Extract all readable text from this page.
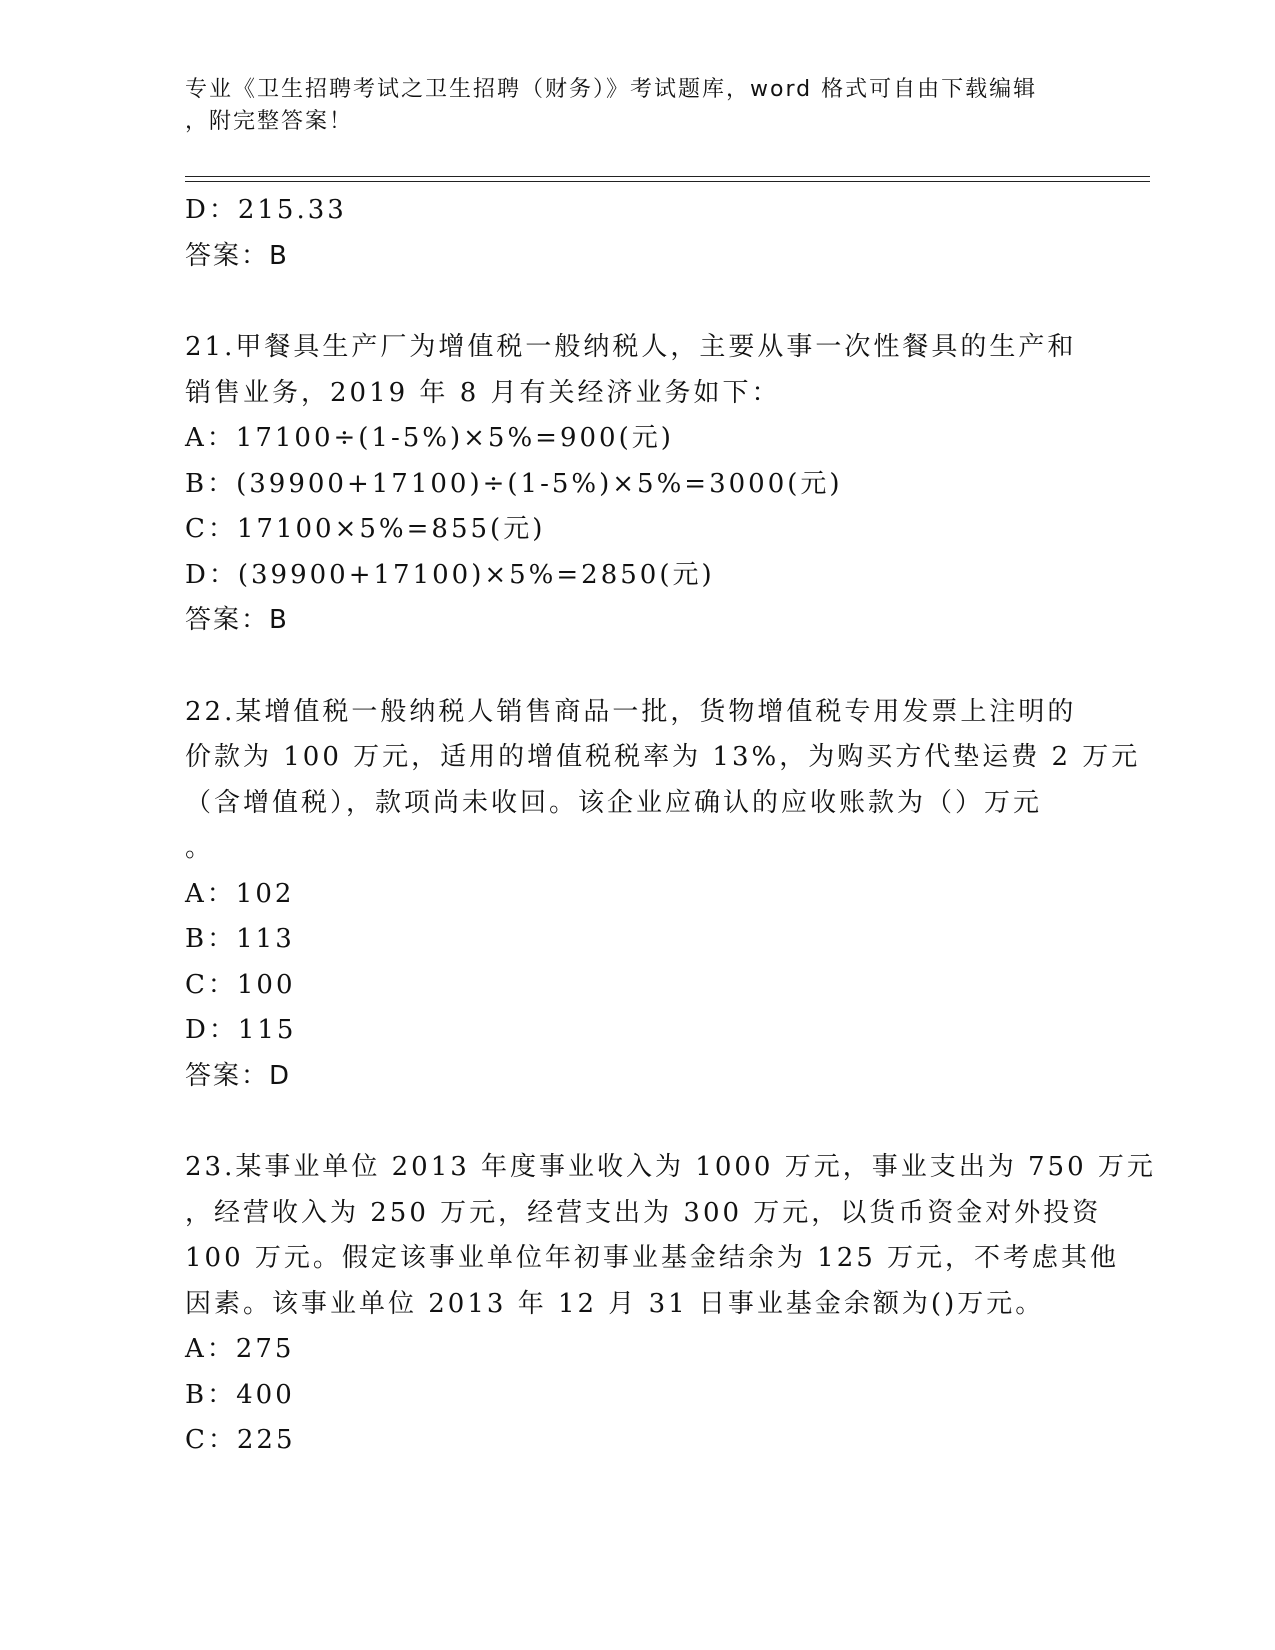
专业《卫生招聘考试之卫生招聘（财务）》考试题库，word 格式可自由下载编辑
，附完整答案！
D：215.33
答案：B
21.甲餐具生产厂为增值税一般纳税人，主要从事一次性餐具的生产和
销售业务，2019 年 8 月有关经济业务如下：
A：17100÷(1-5%)×5%=900(元)
B：(39900+17100)÷(1-5%)×5%=3000(元)
C：17100×5%=855(元)
D：(39900+17100)×5%=2850(元)
答案：B
22.某增值税一般纳税人销售商品一批，货物增值税专用发票上注明的
价款为 100 万元，适用的增值税税率为 13%，为购买方代垫运费 2 万元
（含增值税），款项尚未收回。该企业应确认的应收账款为（）万元
。
A：102
B：113
C：100
D：115
答案：D
23.某事业单位 2013 年度事业收入为 1000 万元，事业支出为 750 万元
，经营收入为 250 万元，经营支出为 300 万元，以货币资金对外投资
100 万元。假定该事业单位年初事业基金结余为 125 万元，不考虑其他
因素。该事业单位 2013 年 12 月 31 日事业基金余额为()万元。
A：275
B：400
C：225
